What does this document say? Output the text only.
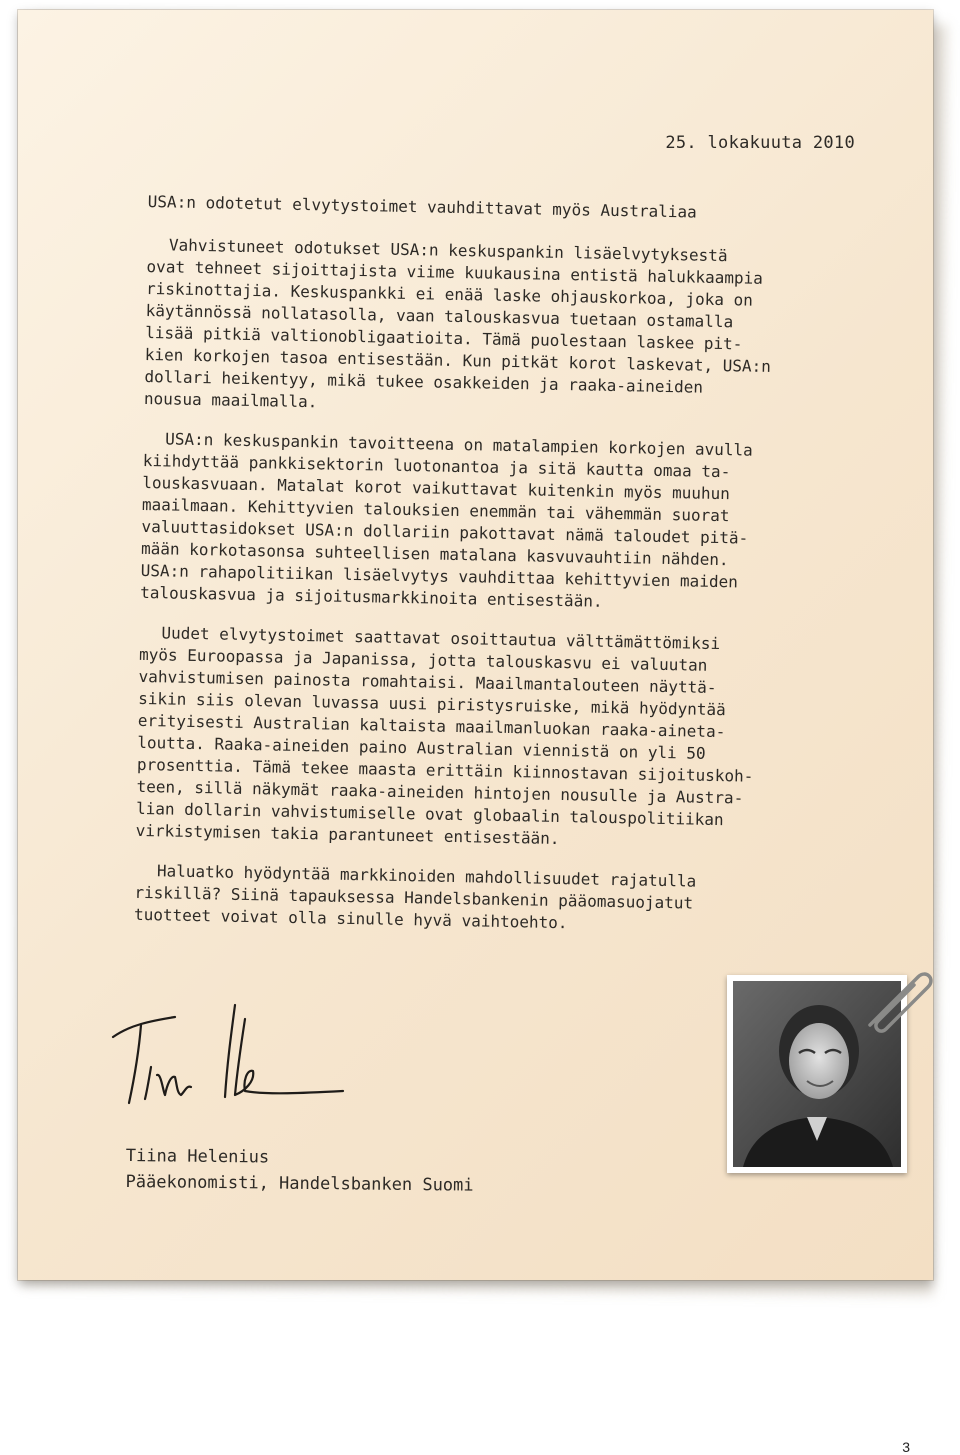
25. lokakuuta 2010
USA:n odotetut elvytystoimet vauhdittavat myös Australiaa
Vahvistuneet odotukset USA:n keskuspankin lisäelvytyksestä
ovat tehneet sijoittajista viime kuukausina entistä halukkaampia
riskinottajia. Keskuspankki ei enää laske ohjauskorkoa, joka on
käytännössä nollatasolla, vaan talouskasvua tuetaan ostamalla
lisää pitkiä valtionobligaatioita. Tämä puolestaan laskee pit-
kien korkojen tasoa entisestään. Kun pitkät korot laskevat, USA:n
dollari heikentyy, mikä tukee osakkeiden ja raaka-aineiden
nousua maailmalla.
USA:n keskuspankin tavoitteena on matalampien korkojen avulla
kiihdyttää pankkisektorin luotonantoa ja sitä kautta omaa ta-
louskasvuaan. Matalat korot vaikuttavat kuitenkin myös muuhun
maailmaan. Kehittyvien talouksien enemmän tai vähemmän suorat
valuuttasidokset USA:n dollariin pakottavat nämä taloudet pitä-
mään korkotasonsa suhteellisen matalana kasvuvauhtiin nähden.
USA:n rahapolitiikan lisäelvytys vauhdittaa kehittyvien maiden
talouskasvua ja sijoitusmarkkinoita entisestään.
Uudet elvytystoimet saattavat osoittautua välttämättömiksi
myös Euroopassa ja Japanissa, jotta talouskasvu ei valuutan
vahvistumisen painosta romahtaisi. Maailmantalouteen näyttä-
sikin siis olevan luvassa uusi piristysruiske, mikä hyödyntää
erityisesti Australian kaltaista maailmanluokan raaka-aineta-
loutta. Raaka-aineiden paino Australian viennistä on yli 50
prosenttia. Tämä tekee maasta erittäin kiinnostavan sijoituskoh-
teen, sillä näkymät raaka-aineiden hintojen nousulle ja Austra-
lian dollarin vahvistumiselle ovat globaalin talouspolitiikan
virkistymisen takia parantuneet entisestään.
Haluatko hyödyntää markkinoiden mahdollisuudet rajatulla
riskillä? Siinä tapauksessa Handelsbankenin pääomasuojatut
tuotteet voivat olla sinulle hyvä vaihtoehto.
Tiina Helenius
Pääekonomisti, Handelsbanken Suomi
3
